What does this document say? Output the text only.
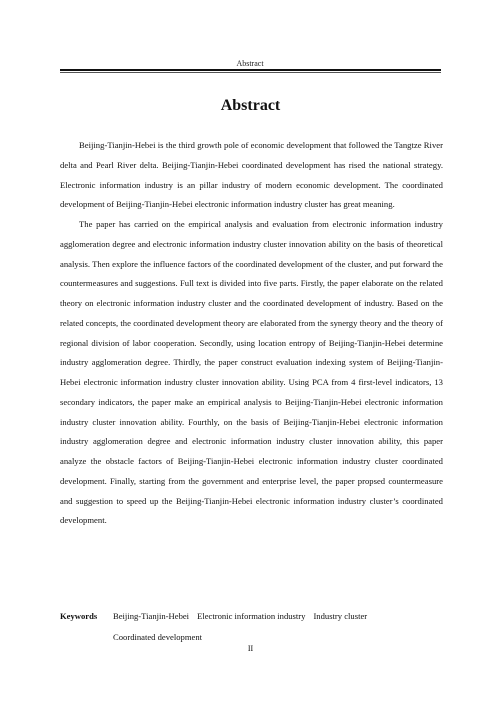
Abstract
Abstract

Beijing-Tianjin-Hebei is the third growth pole of economic development that followed the Tangtze River delta and Pearl River delta. Beijing-Tianjin-Hebei coordinated development has rised the national strategy. Electronic information industry is an pillar industry of modern economic development. The coordinated development of Beijing-Tianjin-Hebei electronic information industry cluster has great meaning.

The paper has carried on the empirical analysis and evaluation from electronic information industry agglomeration degree and electronic information industry cluster innovation ability on the basis of theoretical analysis. Then explore the influence factors of the coordinated development of the cluster, and put forward the countermeasures and suggestions. Full text is divided into five parts. Firstly, the paper elaborate on the related theory on electronic information industry cluster and the coordinated development of industry. Based on the related concepts, the coordinated development theory are elaborated from the synergy theory and the theory of regional division of labor cooperation. Secondly, using location entropy of Beijing-Tianjin-Hebei determine industry agglomeration degree. Thirdly, the paper construct evaluation indexing system of Beijing-Tianjin-Hebei electronic information industry cluster innovation ability. Using PCA from 4 first-level indicators, 13 secondary indicators, the paper make an empirical analysis to Beijing-Tianjin-Hebei electronic information industry cluster innovation ability. Fourthly, on the basis of Beijing-Tianjin-Hebei electronic information industry agglomeration degree and electronic information industry cluster innovation ability, this paper analyze the obstacle factors of Beijing-Tianjin-Hebei electronic information industry cluster coordinated development. Finally, starting from the government and enterprise level, the paper propsed countermeasure and suggestion to speed up the Beijing-Tianjin-Hebei electronic information industry cluster’s coordinated development.

Keywords Beijing-Tianjin-Hebei Electronic information industry Industry cluster
Coordinated development
II
